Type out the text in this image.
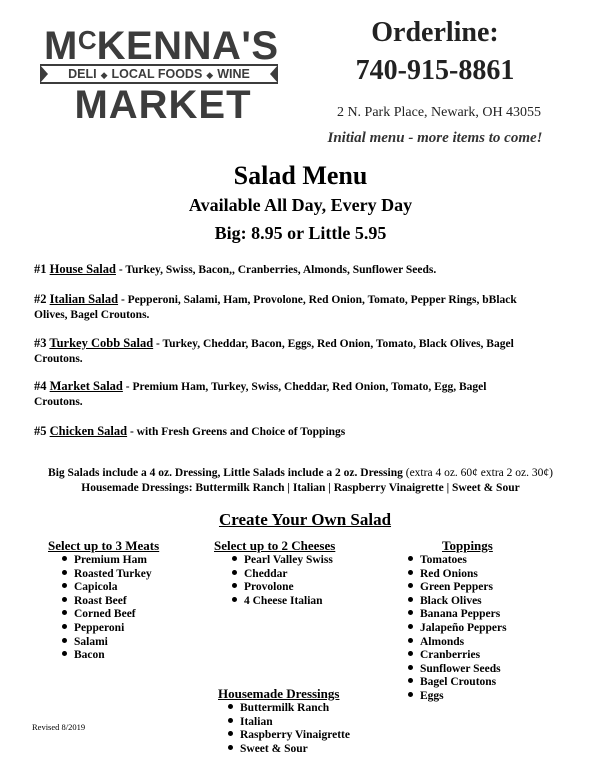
$M^CKENNA'S$
DELI ◆ LOCAL FOODS ◆ WINE
MARKET
Orderline:
740-915-8861
2 N. Park Place, Newark, OH 43055
Initial menu - more items to come!
Salad Menu
Available All Day, Every Day
Big: 8.95 or Little 5.95
#1 House Salad - Turkey, Swiss, Bacon,, Cranberries, Almonds, Sunflower Seeds.
#2 Italian Salad - Pepperoni, Salami, Ham, Provolone, Red Onion, Tomato, Pepper Rings, bBlack Olives, Bagel Croutons.
#3 Turkey Cobb Salad - Turkey, Cheddar, Bacon, Eggs, Red Onion, Tomato, Black Olives, Bagel Croutons.
#4 Market Salad - Premium Ham, Turkey, Swiss, Cheddar, Red Onion, Tomato, Egg, Bagel Croutons.
#5 Chicken Salad - with Fresh Greens and Choice of Toppings
Big Salads include a 4 oz. Dressing, Little Salads include a 2 oz. Dressing (extra 4 oz. 60¢ extra 2 oz. 30¢)
Housemade Dressings: Buttermilk Ranch | Italian | Raspberry Vinaigrette | Sweet & Sour
Create Your Own Salad
Select up to 3 Meats
Premium Ham
Roasted Turkey
Capicola
Roast Beef
Corned Beef
Pepperoni
Salami
Bacon
Select up to 2 Cheeses
Pearl Valley Swiss
Cheddar
Provolone
4 Cheese Italian
Toppings
Tomatoes
Red Onions
Green Peppers
Black Olives
Banana Peppers
Jalapeño Peppers
Almonds
Cranberries
Sunflower Seeds
Bagel Croutons
Eggs
Housemade Dressings
Buttermilk Ranch
Italian
Raspberry Vinaigrette
Sweet & Sour
Revised 8/2019
